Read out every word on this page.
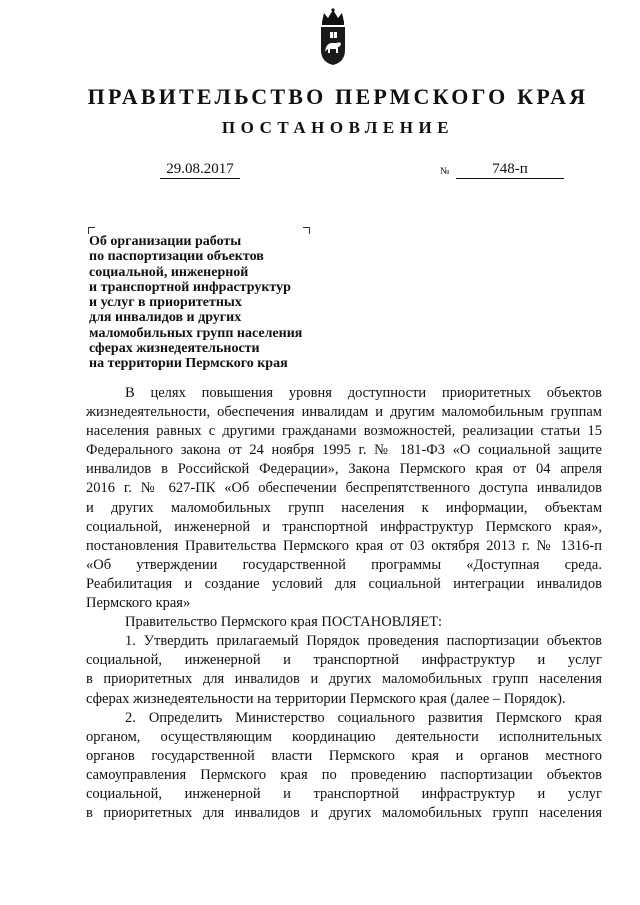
ПРАВИТЕЛЬСТВО ПЕРМСКОГО КРАЯ
ПОСТАНОВЛЕНИЕ
29.08.2017	№	748-п
Об организации работы
по паспортизации объектов
социальной, инженерной
и транспортной инфраструктур
и услуг в приоритетных
для инвалидов и других
маломобильных групп населения
сферах жизнедеятельности
на территории Пермского края
В целях повышения уровня доступности приоритетных объектов
жизнедеятельности, обеспечения инвалидам и другим маломобильным группам
населения равных с другими гражданами возможностей, реализации статьи 15
Федерального закона от 24 ноября 1995 г. № 181-ФЗ «О социальной защите
инвалидов в Российской Федерации», Закона Пермского края от 04 апреля
2016 г. № 627-ПК «Об обеспечении беспрепятственного доступа инвалидов
и других маломобильных групп населения к информации, объектам
социальной, инженерной и транспортной инфраструктур Пермского края»,
постановления Правительства Пермского края от 03 октября 2013 г. № 1316-п
«Об утверждении государственной программы «Доступная среда.
Реабилитация и создание условий для социальной интеграции инвалидов
Пермского края»
Правительство Пермского края ПОСТАНОВЛЯЕТ:
1. Утвердить прилагаемый Порядок проведения паспортизации объектов
социальной, инженерной и транспортной инфраструктур и услуг
в приоритетных для инвалидов и других маломобильных групп населения
сферах жизнедеятельности на территории Пермского края (далее – Порядок).
2. Определить Министерство социального развития Пермского края
органом, осуществляющим координацию деятельности исполнительных
органов государственной власти Пермского края и органов местного
самоуправления Пермского края по проведению паспортизации объектов
социальной, инженерной и транспортной инфраструктур и услуг
в приоритетных для инвалидов и других маломобильных групп населения
